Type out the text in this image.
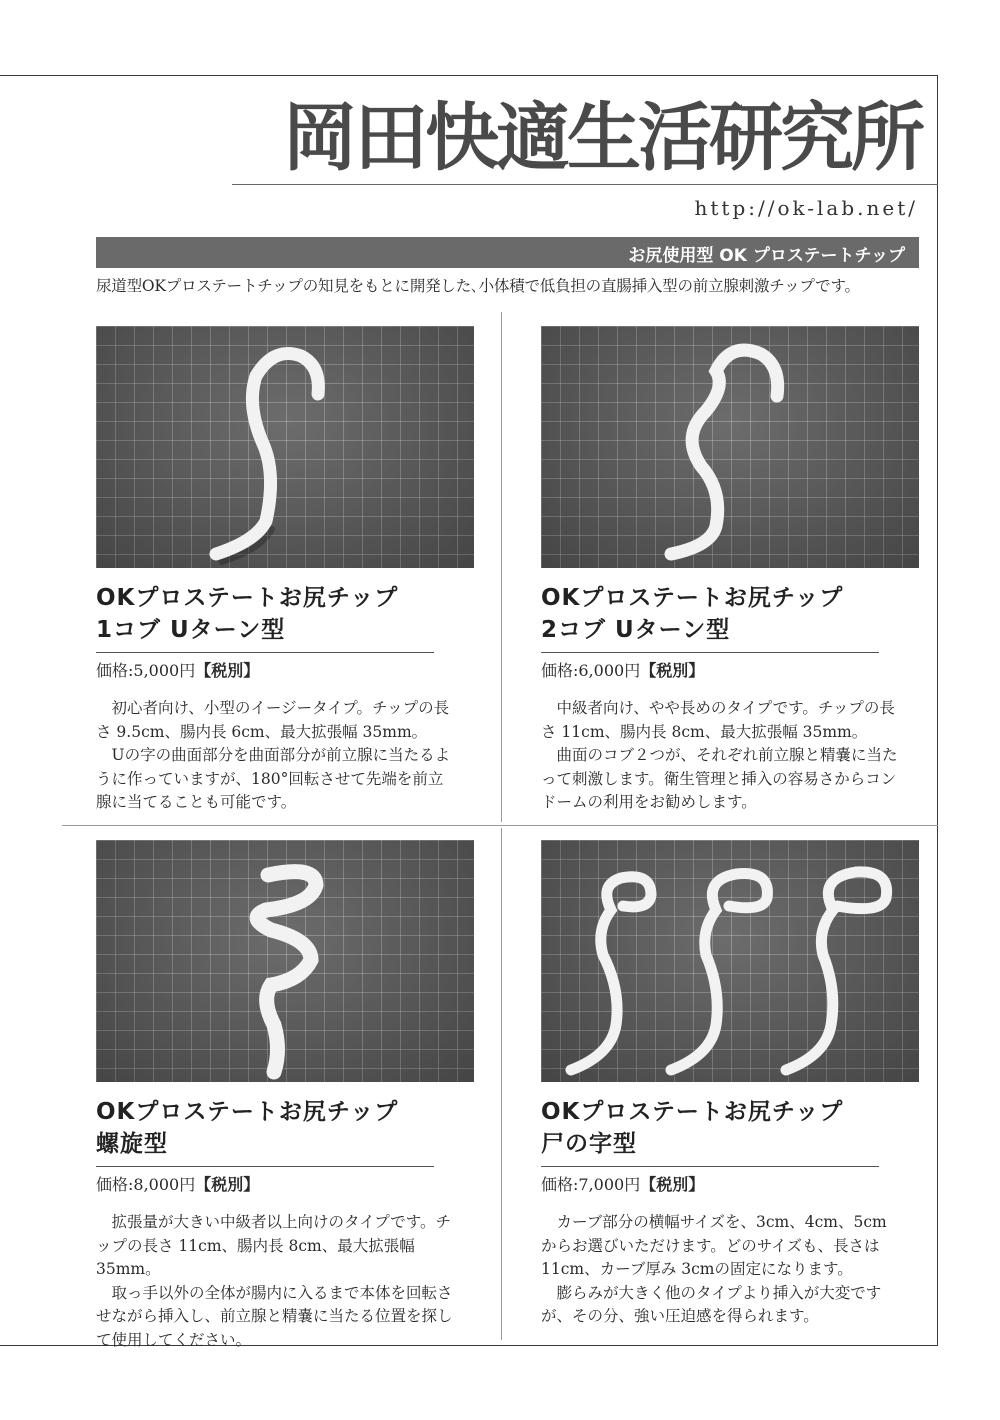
岡田快適生活研究所
http://ok-lab.net/
お尻使用型 OK プロステートチップ
尿道型OKプロステートチップの知見をもとに開発した､小体積で低負担の直腸挿入型の前立腺刺激チップです。
OKプロステートお尻チップ
1コブ Uターン型
価格:5,000円【税別】

初心者向け、小型のイージータイプ。チップの長さ 9.5cm、腸内長 6cm、最大拡張幅 35mm。

Uの字の曲面部分を曲面部分が前立腺に当たるように作っていますが、180°回転させて先端を前立腺に当てることも可能です。

OKプロステートお尻チップ
2コブ Uターン型
価格:6,000円【税別】

中級者向け、やや長めのタイプです。チップの長さ 11cm、腸内長 8cm、最大拡張幅 35mm。

曲面のコブ２つが、それぞれ前立腺と精嚢に当たって刺激します。衛生管理と挿入の容易さからコンドームの利用をお勧めします。

OKプロステートお尻チップ
螺旋型
価格:8,000円【税別】

拡張量が大きい中級者以上向けのタイプです。チップの長さ 11cm、腸内長 8cm、最大拡張幅 35mm。

取っ手以外の全体が腸内に入るまで本体を回転させながら挿入し、前立腺と精嚢に当たる位置を探して使用してください。

OKプロステートお尻チップ
尸の字型
価格:7,000円【税別】

カーブ部分の横幅サイズを、3cm、4cm、5cmからお選びいただけます。どのサイズも、長さは 11cm、カーブ厚み 3cmの固定になります。

膨らみが大きく他のタイプより挿入が大変ですが、その分、強い圧迫感を得られます。
